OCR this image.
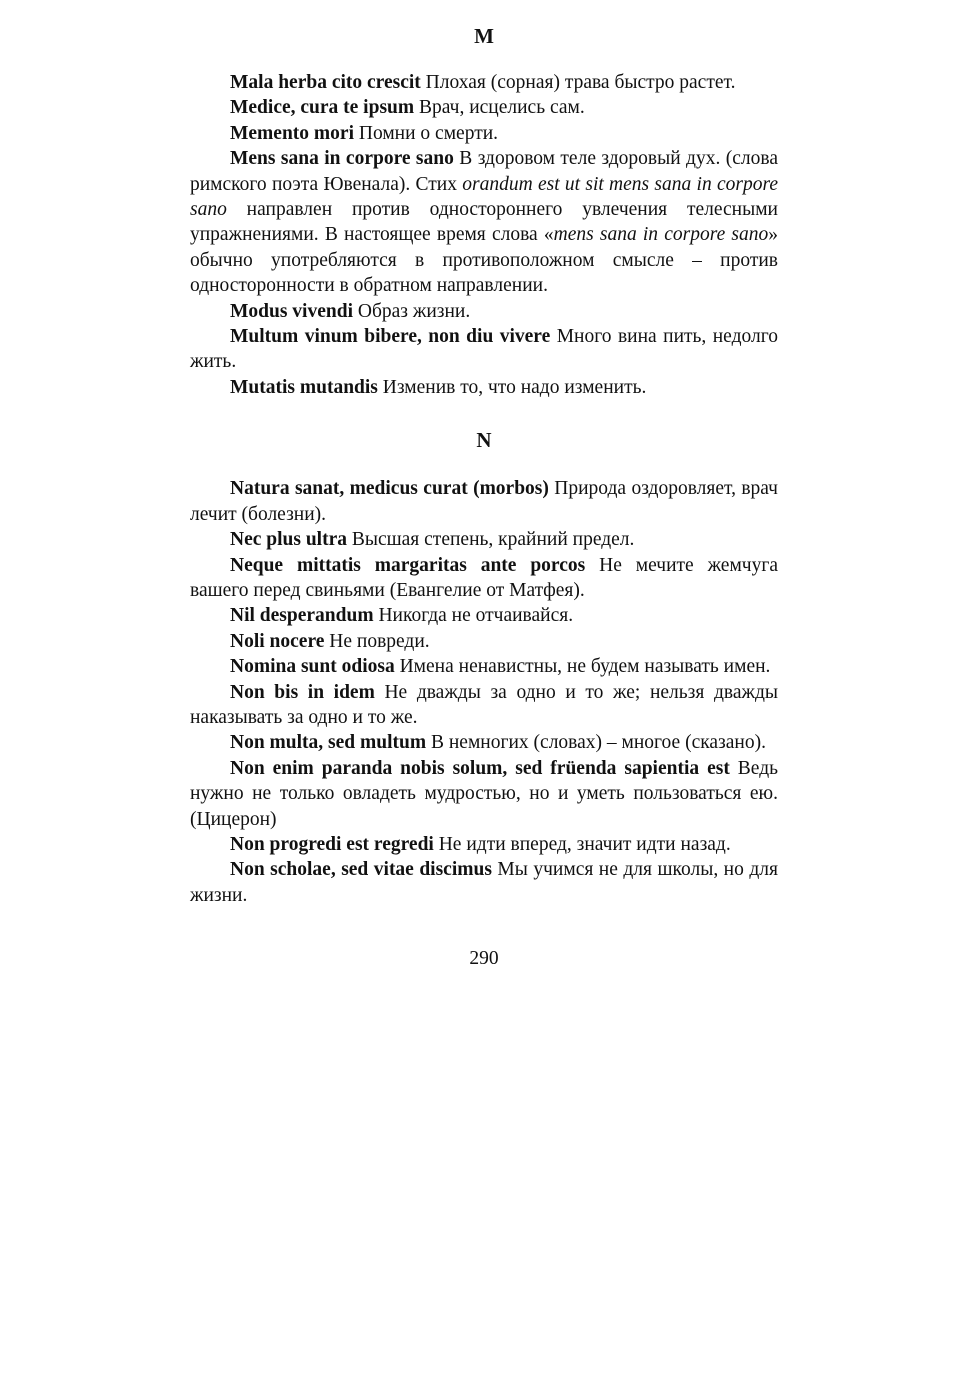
M

Mala herba cito crescit Плохая (сорная) трава быстро растет.

Medice, cura te ipsum Врач, исцелись сам.

Memento mori Помни о смерти.

Mens sana in corpore sano В здоровом теле здоровый дух. (слова римского поэта Ювенала). Стих orandum est ut sit mens sana in corpore sano направлен против одностороннего увлечения телесными упражнениями. В настоящее время слова «mens sana in corpore sano» обычно употребляются в противоположном смысле – против односторонности в обратном направлении.

Modus vivendi Образ жизни.

Multum vinum bibere, non diu vivere Много вина пить, недолго жить.

Mutatis mutandis Изменив то, что надо изменить.

N

Natura sanat, medicus curat (morbos) Природа оздоровляет, врач лечит (болезни).

Nec plus ultra Высшая степень, крайний предел.

Neque mittatis margaritas ante porcos Не мечите жемчуга вашего перед свиньями (Евангелие от Матфея).

Nil desperandum Никогда не отчаивайся.

Noli nocere Не повреди.

Nomina sunt odiosa Имена ненавистны, не будем называть имен.

Non bis in idem Не дважды за одно и то же; нельзя дважды наказывать за одно и то же.

Non multa, sed multum В немногих (словах) – многое (сказано).

Non enim paranda nobis solum, sed früenda sapientia est Ведь нужно не только овладеть мудростью, но и уметь пользоваться ею.(Цицерон)

Non progredi est regredi Не идти вперед, значит идти назад.

Non scholae, sed vitae discimus Мы учимся не для школы, но для жизни.

290
